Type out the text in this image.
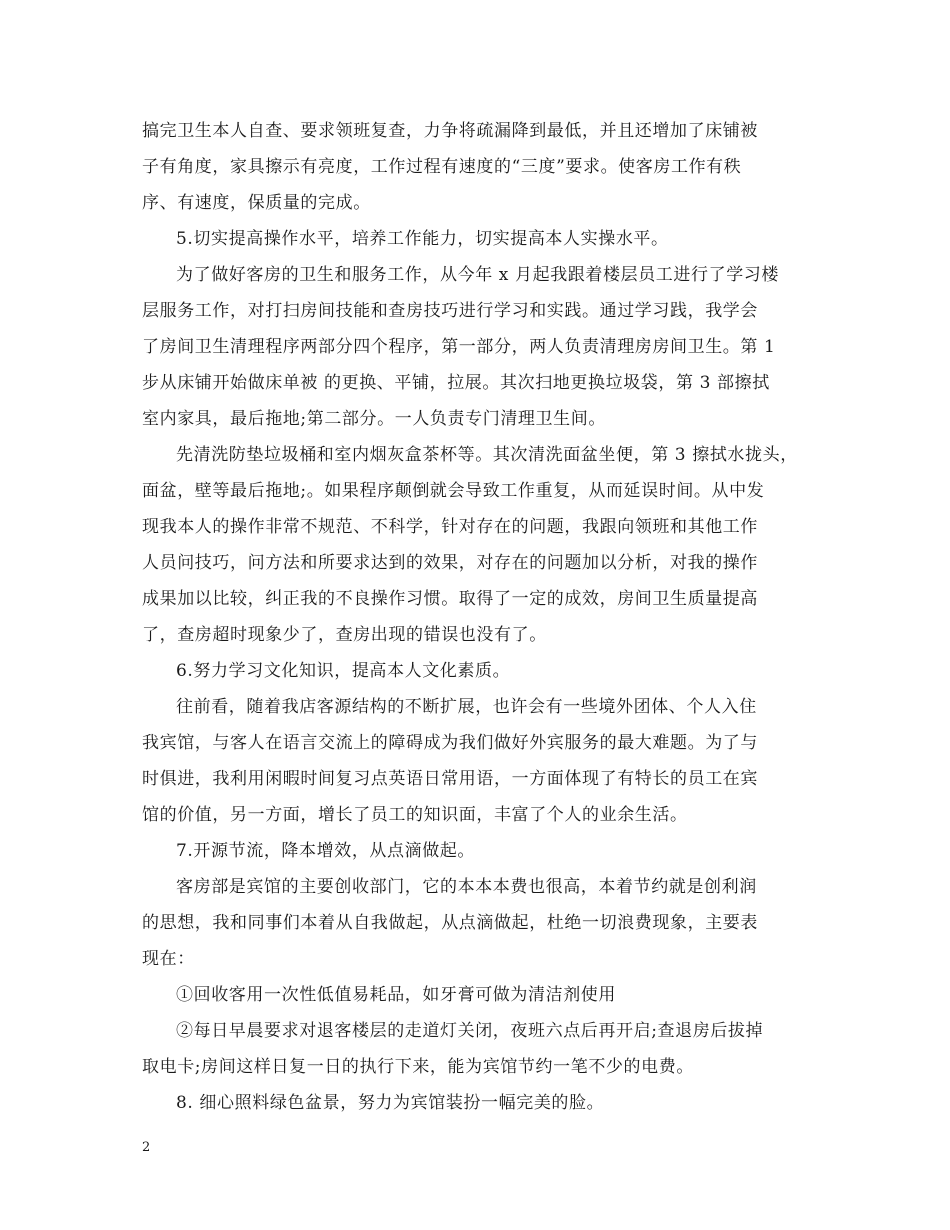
搞完卫生本人自查、要求领班复查，力争将疏漏降到最低，并且还增加了床铺被
子有角度，家具擦示有亮度，工作过程有速度的“三度”要求。使客房工作有秩
序、有速度，保质量的完成。
5.切实提高操作水平，培养工作能力，切实提高本人实操水平。
为了做好客房的卫生和服务工作，从今年 x 月起我跟着楼层员工进行了学习楼
层服务工作，对打扫房间技能和查房技巧进行学习和实践。通过学习践，我学会
了房间卫生清理程序两部分四个程序，第一部分，两人负责清理房房间卫生。第 1
步从床铺开始做床单被 的更换、平铺，拉展。其次扫地更换垃圾袋，第 3 部擦拭
室内家具，最后拖地;第二部分。一人负责专门清理卫生间。
先清洗防垫垃圾桶和室内烟灰盒茶杯等。其次清洗面盆坐便，第 3 擦拭水拢头，
面盆，壁等最后拖地;。如果程序颠倒就会导致工作重复，从而延误时间。从中发
现我本人的操作非常不规范、不科学，针对存在的问题，我跟向领班和其他工作
人员问技巧，问方法和所要求达到的效果，对存在的问题加以分析，对我的操作
成果加以比较，纠正我的不良操作习惯。取得了一定的成效，房间卫生质量提高
了，查房超时现象少了，查房出现的错误也没有了。
6.努力学习文化知识，提高本人文化素质。
往前看，随着我店客源结构的不断扩展，也许会有一些境外团体、个人入住
我宾馆，与客人在语言交流上的障碍成为我们做好外宾服务的最大难题。为了与
时俱进，我利用闲暇时间复习点英语日常用语，一方面体现了有特长的员工在宾
馆的价值，另一方面，增长了员工的知识面，丰富了个人的业余生活。
7.开源节流，降本增效，从点滴做起。
客房部是宾馆的主要创收部门，它的本本本费也很高，本着节约就是创利润
的思想，我和同事们本着从自我做起，从点滴做起，杜绝一切浪费现象，主要表
现在：
①回收客用一次性低值易耗品，如牙膏可做为清洁剂使用
②每日早晨要求对退客楼层的走道灯关闭，夜班六点后再开启;查退房后拔掉
取电卡;房间这样日复一日的执行下来，能为宾馆节约一笔不少的电费。
8. 细心照料绿色盆景，努力为宾馆装扮一幅完美的脸。
2
